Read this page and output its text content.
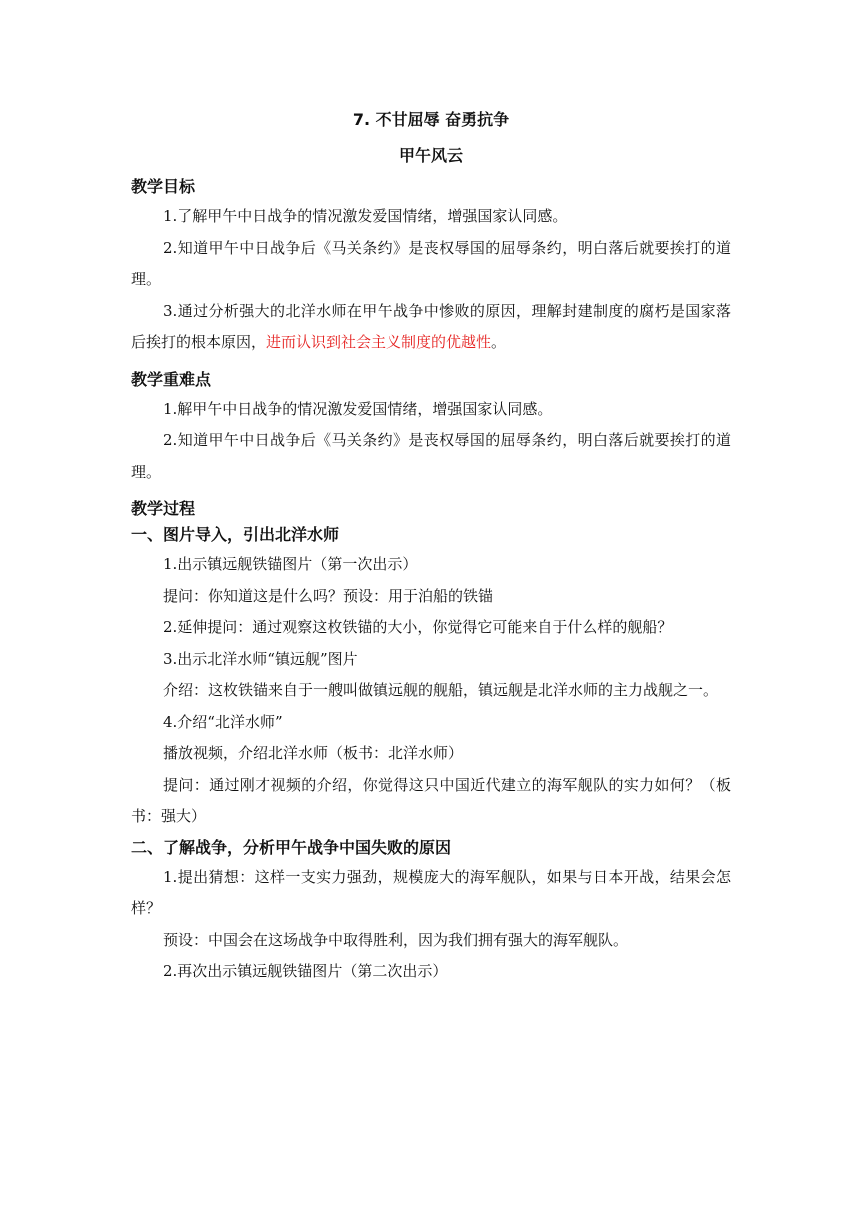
7. 不甘屈辱 奋勇抗争

甲午风云

教学目标

1.了解甲午中日战争的情况激发爱国情绪，增强国家认同感。

2.知道甲午中日战争后《马关条约》是丧权辱国的屈辱条约，明白落后就要挨打的道理。

3.通过分析强大的北洋水师在甲午战争中惨败的原因，理解封建制度的腐朽是国家落后挨打的根本原因，进而认识到社会主义制度的优越性。

教学重难点

1.解甲午中日战争的情况激发爱国情绪，增强国家认同感。

2.知道甲午中日战争后《马关条约》是丧权辱国的屈辱条约，明白落后就要挨打的道理。

教学过程

一、图片导入，引出北洋水师

1.出示镇远舰铁锚图片（第一次出示）

提问：你知道这是什么吗？预设：用于泊船的铁锚

2.延伸提问：通过观察这枚铁锚的大小，你觉得它可能来自于什么样的舰船？

3.出示北洋水师“镇远舰”图片

介绍：这枚铁锚来自于一艘叫做镇远舰的舰船，镇远舰是北洋水师的主力战舰之一。

4.介绍“北洋水师”

播放视频，介绍北洋水师（板书：北洋水师）

提问：通过刚才视频的介绍，你觉得这只中国近代建立的海军舰队的实力如何？（板书：强大）

二、了解战争，分析甲午战争中国失败的原因

1.提出猜想：这样一支实力强劲，规模庞大的海军舰队，如果与日本开战，结果会怎样？

预设：中国会在这场战争中取得胜利，因为我们拥有强大的海军舰队。

2.再次出示镇远舰铁锚图片（第二次出示）
